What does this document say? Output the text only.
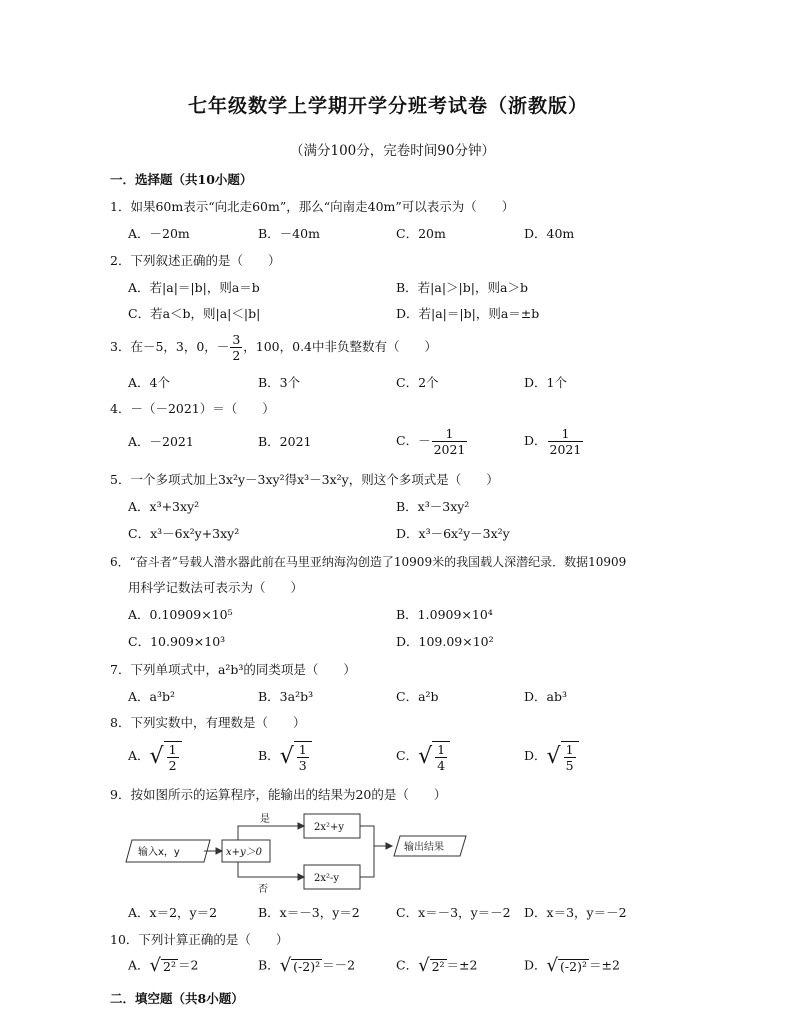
七年级数学上学期开学分班考试卷（浙教版）
（满分100分，完卷时间90分钟）
一．选择题（共10小题）
1．如果60m表示“向北走60m”，那么“向南走40m”可以表示为（　　）
A．－20m	B．－40m	C．20m	D．40m
2．下列叙述正确的是（　　）
A．若|a|＝|b|，则a＝b	B．若|a|＞|b|，则a＞b
C．若a＜b，则|a|＜|b|	D．若|a|＝|b|，则a＝±b
3．在－5，3，0，－ $\frac{3}{2}$ ，100，0.4中非负整数有（　　）
A．4个	B．3个	C．2个	D．1个
4．－（－2021）＝（　　）
A．－2021	B．2021	C．－ $\frac{1}{2021}$	D． $\frac{1}{2021}$
5．一个多项式加上3x²y－3xy²得x³－3x²y，则这个多项式是（　　）
A．x³+3xy²	B．x³－3xy²
C．x³－6x²y+3xy²	D．x³－6x²y－3x²y
6．“奋斗者”号载人潜水器此前在马里亚纳海沟创造了10909米的我国载人深潜纪录．数据10909
用科学记数法可表示为（　　）
A．0.10909×10⁵	B．1.0909×10⁴
C．10.909×10³	D．109.09×10²
7．下列单项式中，a²b³的同类项是（　　）
A．a³b²	B．3a²b³	C．a²b	D．ab³
8．下列实数中，有理数是（　　）
A． √ $\frac{1}{2}$	B． √ $\frac{1}{3}$	C． √ $\frac{1}{4}$	D． √ $\frac{1}{5}$
9．按如图所示的运算程序，能输出的结果为20的是（　　）
输入x，y	x+y＞0
是
否
2x²+y
2x²-y
输出结果
A．x＝2，y＝2	B．x＝－3，y＝2	C．x＝－3，y＝－2 D．x＝3，y＝－2
10．下列计算正确的是（　　）
A． √ 2² ＝2	B． √ (-2)² ＝－2	C． √ 2² ＝±2	D． √ (-2)² ＝±2
二．填空题（共8小题）
